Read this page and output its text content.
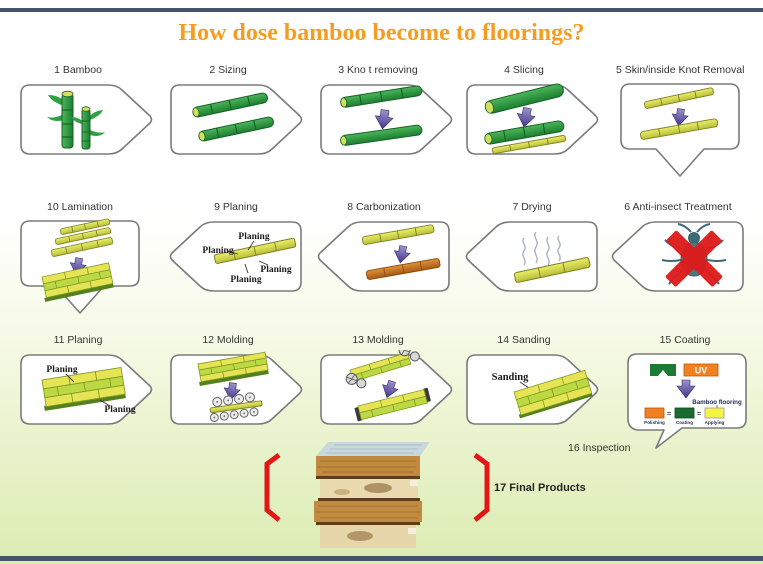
How dose bamboo become to floorings?
1 Bamboo	2 Sizing	3 Kno t removing	4 Slicing	5 Skin/inside Knot Removal
10 Lamination	9 Planing
Planing
Planing
Planing
Planing
8 Carbonization	7 Drying	6 Anti-insect Treatment
11 Planing
Planing
Planing
12 Molding	13 Molding	14 Sanding
Sanding
15 Coating
UV
Bamboo flooring
=	=
Polishing Coating	Applying
16 Inspection
17 Final Products
